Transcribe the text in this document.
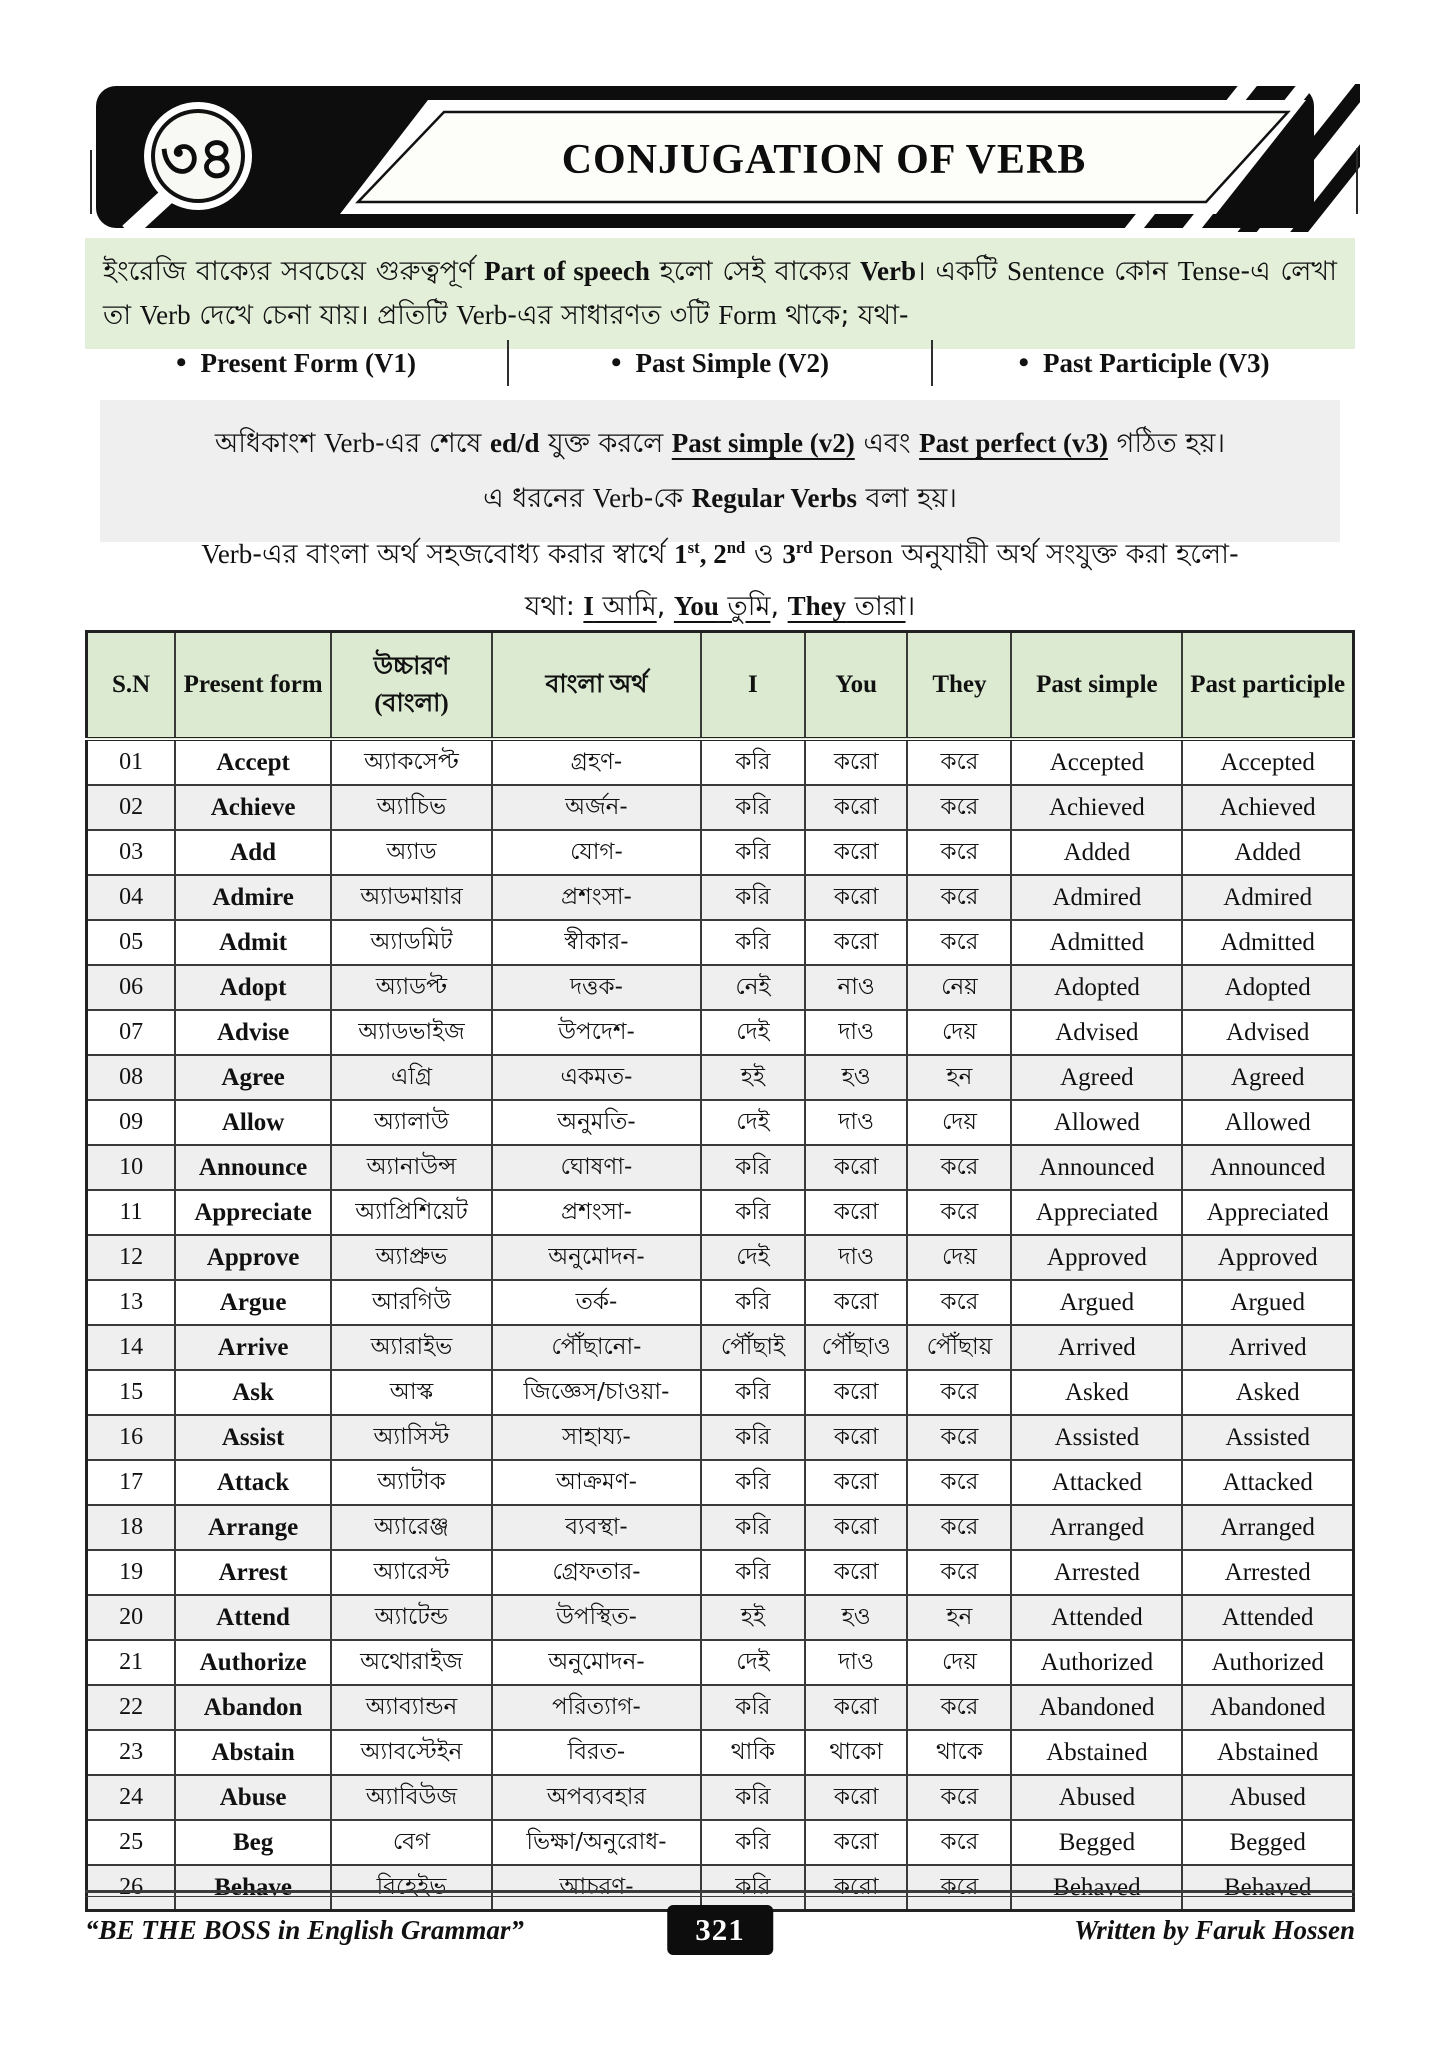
৩৪	CONJUGATION OF VERB
ইংরেজি বাক্যের সবচেয়ে গুরুত্বপূর্ণ Part of speech হলো সেই বাক্যের Verb। একটি Sentence কোন Tense-এ লেখা তা Verb দেখে চেনা যায়। প্রতিটি Verb-এর সাধারণত ৩টি Form থাকে; যথা-
• Present Form (V1)	• Past Simple (V2)	• Past Participle (V3)
অধিকাংশ Verb-এর শেষে ed/d যুক্ত করলে Past simple (v2) এবং Past perfect (v3) গঠিত হয়।
এ ধরনের Verb-কে Regular Verbs বলা হয়।
Verb-এর বাংলা অর্থ সহজবোধ্য করার স্বার্থে 1st, 2nd ও 3rd Person অনুযায়ী অর্থ সংযুক্ত করা হলো-
যথা: I আমি, You তুমি, They তারা।
S.N	Present form	উচ্চারণ (বাংলা)	বাংলা অর্থ	I	You	They	Past simple	Past participle
01	Accept	অ্যাকসেপ্ট	গ্রহণ-	করি	করো	করে	Accepted	Accepted
02	Achieve	অ্যাচিভ	অর্জন-	করি	করো	করে	Achieved	Achieved
03	Add	অ্যাড	যোগ-	করি	করো	করে	Added	Added
04	Admire	অ্যাডমায়ার	প্রশংসা-	করি	করো	করে	Admired	Admired
05	Admit	অ্যাডমিট	স্বীকার-	করি	করো	করে	Admitted	Admitted
06	Adopt	অ্যাডপ্ট	দত্তক-	নেই	নাও	নেয়	Adopted	Adopted
07	Advise	অ্যাডভাইজ	উপদেশ-	দেই	দাও	দেয়	Advised	Advised
08	Agree	এগ্রি	একমত-	হই	হও	হন	Agreed	Agreed
09	Allow	অ্যালাউ	অনুমতি-	দেই	দাও	দেয়	Allowed	Allowed
10	Announce	অ্যানাউন্স	ঘোষণা-	করি	করো	করে	Announced	Announced
11	Appreciate	অ্যাপ্রিশিয়েট	প্রশংসা-	করি	করো	করে	Appreciated	Appreciated
12	Approve	অ্যাপ্রুভ	অনুমোদন-	দেই	দাও	দেয়	Approved	Approved
13	Argue	আরগিউ	তর্ক-	করি	করো	করে	Argued	Argued
14	Arrive	অ্যারাইভ	পৌঁছানো-	পৌঁছাই	পৌঁছাও	পৌঁছায়	Arrived	Arrived
15	Ask	আস্ক	জিজ্ঞেস/চাওয়া-	করি	করো	করে	Asked	Asked
16	Assist	অ্যাসিস্ট	সাহায্য-	করি	করো	করে	Assisted	Assisted
17	Attack	অ্যাটাক	আক্রমণ-	করি	করো	করে	Attacked	Attacked
18	Arrange	অ্যারেঞ্জ	ব্যবস্থা-	করি	করো	করে	Arranged	Arranged
19	Arrest	অ্যারেস্ট	গ্রেফতার-	করি	করো	করে	Arrested	Arrested
20	Attend	অ্যাটেন্ড	উপস্থিত-	হই	হও	হন	Attended	Attended
21	Authorize	অথোরাইজ	অনুমোদন-	দেই	দাও	দেয়	Authorized	Authorized
22	Abandon	অ্যাব্যান্ডন	পরিত্যাগ-	করি	করো	করে	Abandoned	Abandoned
23	Abstain	অ্যাবস্টেইন	বিরত-	থাকি	থাকো	থাকে	Abstained	Abstained
24	Abuse	অ্যাবিউজ	অপব্যবহার	করি	করো	করে	Abused	Abused
25	Beg	বেগ	ভিক্ষা/অনুরোধ-	করি	করো	করে	Begged	Begged
26	Behave	বিহেইভ	আচরণ-	করি	করো	করে	Behaved	Behaved
“BE THE BOSS in English Grammar”	321	Written by Faruk Hossen
